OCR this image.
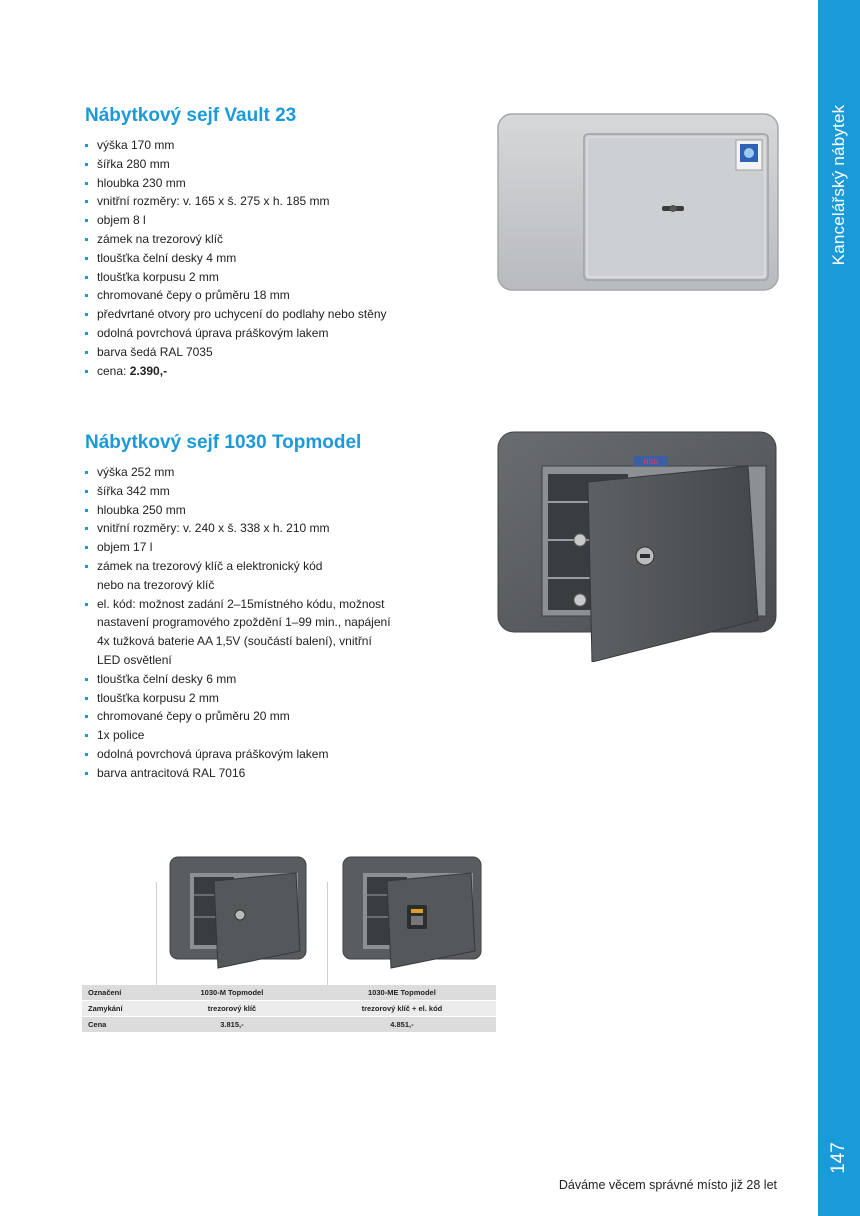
Kancelářský nábytek
147
Nábytkový sejf Vault 23
výška 170 mm
šířka 280 mm
hloubka 230 mm
vnitřní rozměry: v. 165 x š. 275 x h. 185 mm
objem 8 l
zámek na trezorový klíč
tloušťka čelní desky 4 mm
tloušťka korpusu 2 mm
chromované čepy o průměru 18 mm
předvrtané otvory pro uchycení do podlahy nebo stěny
odolná povrchová úprava práškovým lakem
barva šedá RAL 7035
cena: 2.390,-
Nábytkový sejf 1030 Topmodel
výška 252 mm
šířka 342 mm
hloubka 250 mm
vnitřní rozměry: v. 240 x š. 338 x h. 210 mm
objem 17 l
zámek na trezorový klíč a elektronický kód
nebo na trezorový klíč
el. kód: možnost zadání 2–15místného kódu, možnost
nastavení programového zpoždění 1–99 min., napájení
4x tužková baterie AA 1,5V (součástí balení), vnitřní
LED osvětlení
tloušťka čelní desky 6 mm
tloušťka korpusu 2 mm
chromované čepy o průměru 20 mm
1x police
odolná povrchová úprava práškovým lakem
barva antracitová RAL 7016
RSD
Označení	1030-M Topmodel	1030-ME Topmodel
Zamykání	trezorový klíč	trezorový klíč + el. kód
Cena	3.815,-	4.851,-
Dáváme věcem správné místo již 28 let
